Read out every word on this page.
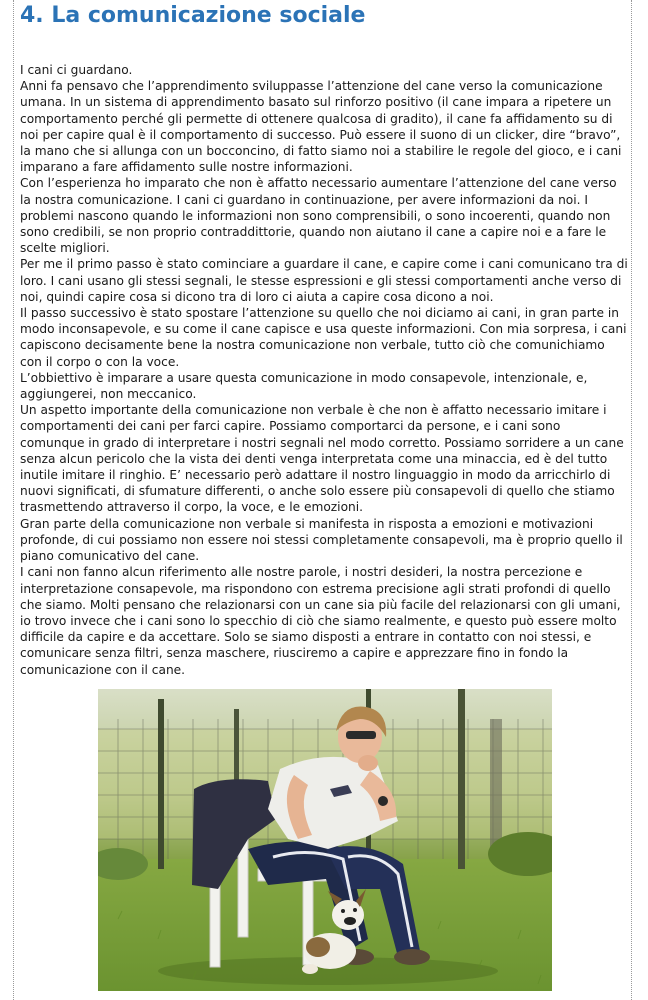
4. La comunicazione sociale

I cani ci guardano.

Anni fa pensavo che l’apprendimento sviluppasse l’attenzione del cane verso la comunicazione umana. In un sistema di apprendimento basato sul rinforzo positivo (il cane impara a ripetere un comportamento perché gli permette di ottenere qualcosa di gradito), il cane fa affidamento su di noi per capire qual è il comportamento di successo. Può essere il suono di un clicker, dire “bravo”, la mano che si allunga con un bocconcino, di fatto siamo noi a stabilire le regole del gioco, e i cani imparano a fare affidamento sulle nostre informazioni.

Con l’esperienza ho imparato che non è affatto necessario aumentare l’attenzione del cane verso la nostra comunicazione. I cani ci guardano in continuazione, per avere informazioni da noi. I problemi nascono quando le informazioni non sono comprensibili, o sono incoerenti, quando non sono credibili, se non proprio contraddittorie, quando non aiutano il cane a capire noi e a fare le scelte migliori.

Per me il primo passo è stato cominciare a guardare il cane, e capire come i cani comunicano tra di loro. I cani usano gli stessi segnali, le stesse espressioni e gli stessi comportamenti anche verso di noi, quindi capire cosa si dicono tra di loro ci aiuta a capire cosa dicono a noi.

Il passo successivo è stato spostare l’attenzione su quello che noi diciamo ai cani, in gran parte in modo inconsapevole, e su come il cane capisce e usa queste informazioni. Con mia sorpresa, i cani capiscono decisamente bene la nostra comunicazione non verbale, tutto ciò che comunichiamo con il corpo o con la voce.

L’obbiettivo è imparare a usare questa comunicazione in modo consapevole, intenzionale, e, aggiungerei, non meccanico.

Un aspetto importante della comunicazione non verbale è che non è affatto necessario imitare i comportamenti dei cani per farci capire. Possiamo comportarci da persone, e i cani sono comunque in grado di interpretare i nostri segnali nel modo corretto. Possiamo sorridere a un cane senza alcun pericolo che la vista dei denti venga interpretata come una minaccia, ed è del tutto inutile imitare il ringhio. E’ necessario però adattare il nostro linguaggio in modo da arricchirlo di nuovi significati, di sfumature differenti, o anche solo essere più consapevoli di quello che stiamo trasmettendo attraverso il corpo, la voce, e le emozioni.

Gran parte della comunicazione non verbale si manifesta in risposta a emozioni e motivazioni profonde, di cui possiamo non essere noi stessi completamente consapevoli, ma è proprio quello il piano comunicativo del cane.

I cani non fanno alcun riferimento alle nostre parole, i nostri desideri, la nostra percezione e interpretazione consapevole, ma rispondono con estrema precisione agli strati profondi di quello che siamo. Molti pensano che relazionarsi con un cane sia più facile del relazionarsi con gli umani, io trovo invece che i cani sono lo specchio di ciò che siamo realmente, e questo può essere molto difficile da capire e da accettare. Solo se siamo disposti a entrare in contatto con noi stessi, e comunicare senza filtri, senza maschere, riusciremo a capire e apprezzare fino in fondo la comunicazione con il cane.
